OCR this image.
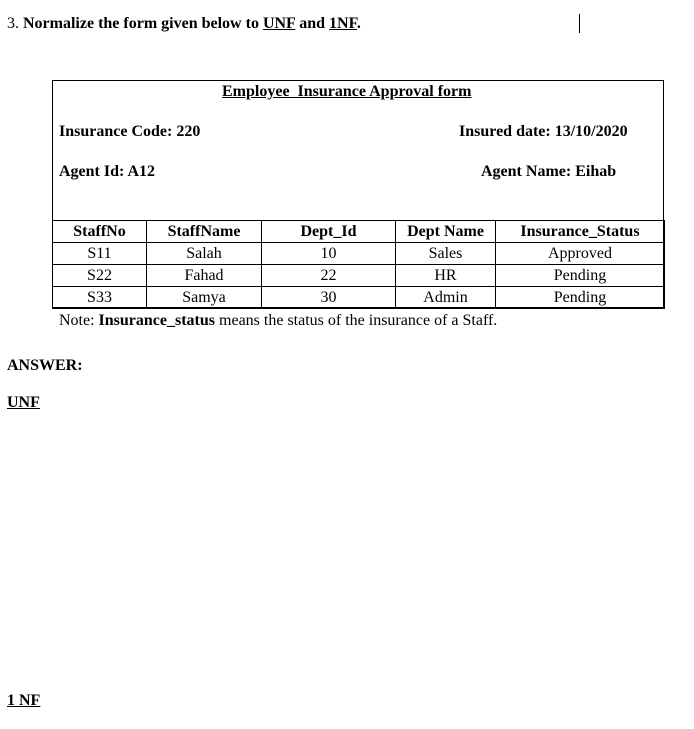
3. Normalize the form given below to UNF and 1NF.
Employee  Insurance Approval form
Insurance Code: 220	Insured date: 13/10/2020
Agent Id: A12	Agent Name: Eihab
StaffNo	StaffName	Dept_Id	Dept Name	Insurance_Status
S11	Salah	10	Sales	Approved
S22	Fahad	22	HR	Pending
S33	Samya	30	Admin	Pending
Note: Insurance_status means the status of the insurance of a Staff.
ANSWER:
UNF
1 NF
